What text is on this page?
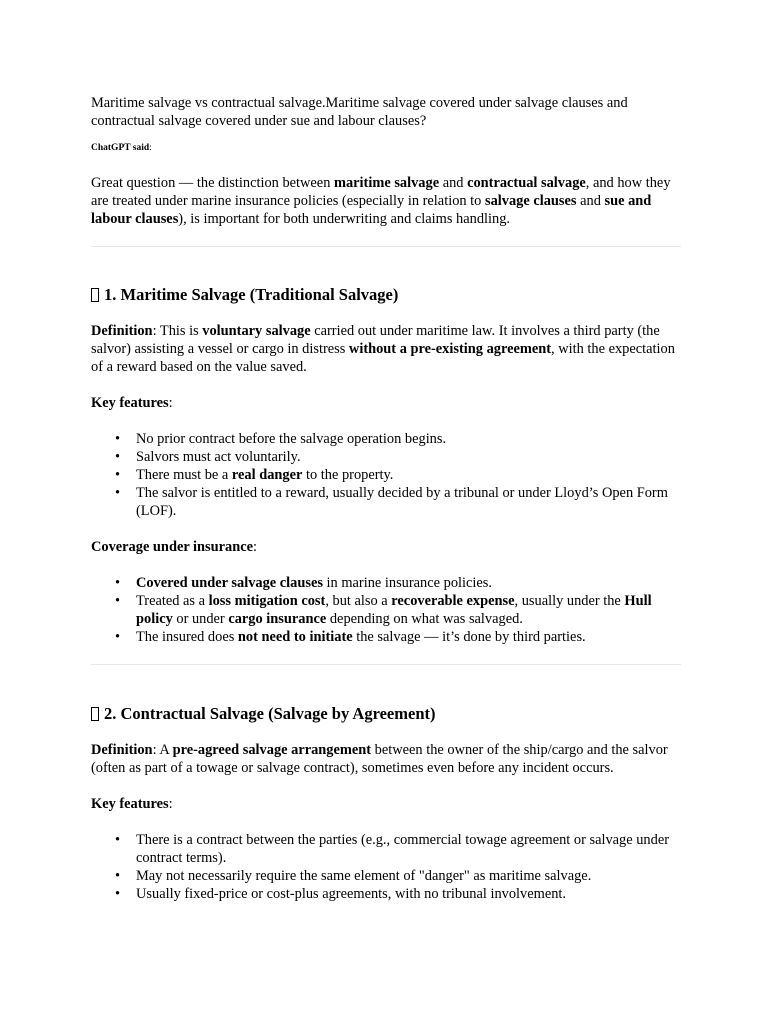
Maritime salvage vs contractual salvage.Maritime salvage covered under salvage clauses and contractual salvage covered under sue and labour clauses?

ChatGPT said:

Great question — the distinction between maritime salvage and contractual salvage, and how they are treated under marine insurance policies (especially in relation to salvage clauses and sue and labour clauses), is important for both underwriting and claims handling.

1. Maritime Salvage (Traditional Salvage)

Definition: This is voluntary salvage carried out under maritime law. It involves a third party (the salvor) assisting a vessel or cargo in distress without a pre-existing agreement, with the expectation of a reward based on the value saved.

Key features:

• No prior contract before the salvage operation begins.
• Salvors must act voluntarily.
• There must be a real danger to the property.
• The salvor is entitled to a reward, usually decided by a tribunal or under Lloyd’s Open Form (LOF).

Coverage under insurance:

• Covered under salvage clauses in marine insurance policies.
• Treated as a loss mitigation cost, but also a recoverable expense, usually under the Hull policy or under cargo insurance depending on what was salvaged.
• The insured does not need to initiate the salvage — it’s done by third parties.
2. Contractual Salvage (Salvage by Agreement)

Definition: A pre-agreed salvage arrangement between the owner of the ship/cargo and the salvor (often as part of a towage or salvage contract), sometimes even before any incident occurs.

Key features:

• There is a contract between the parties (e.g., commercial towage agreement or salvage under contract terms).
• May not necessarily require the same element of "danger" as maritime salvage.
• Usually fixed-price or cost-plus agreements, with no tribunal involvement.
